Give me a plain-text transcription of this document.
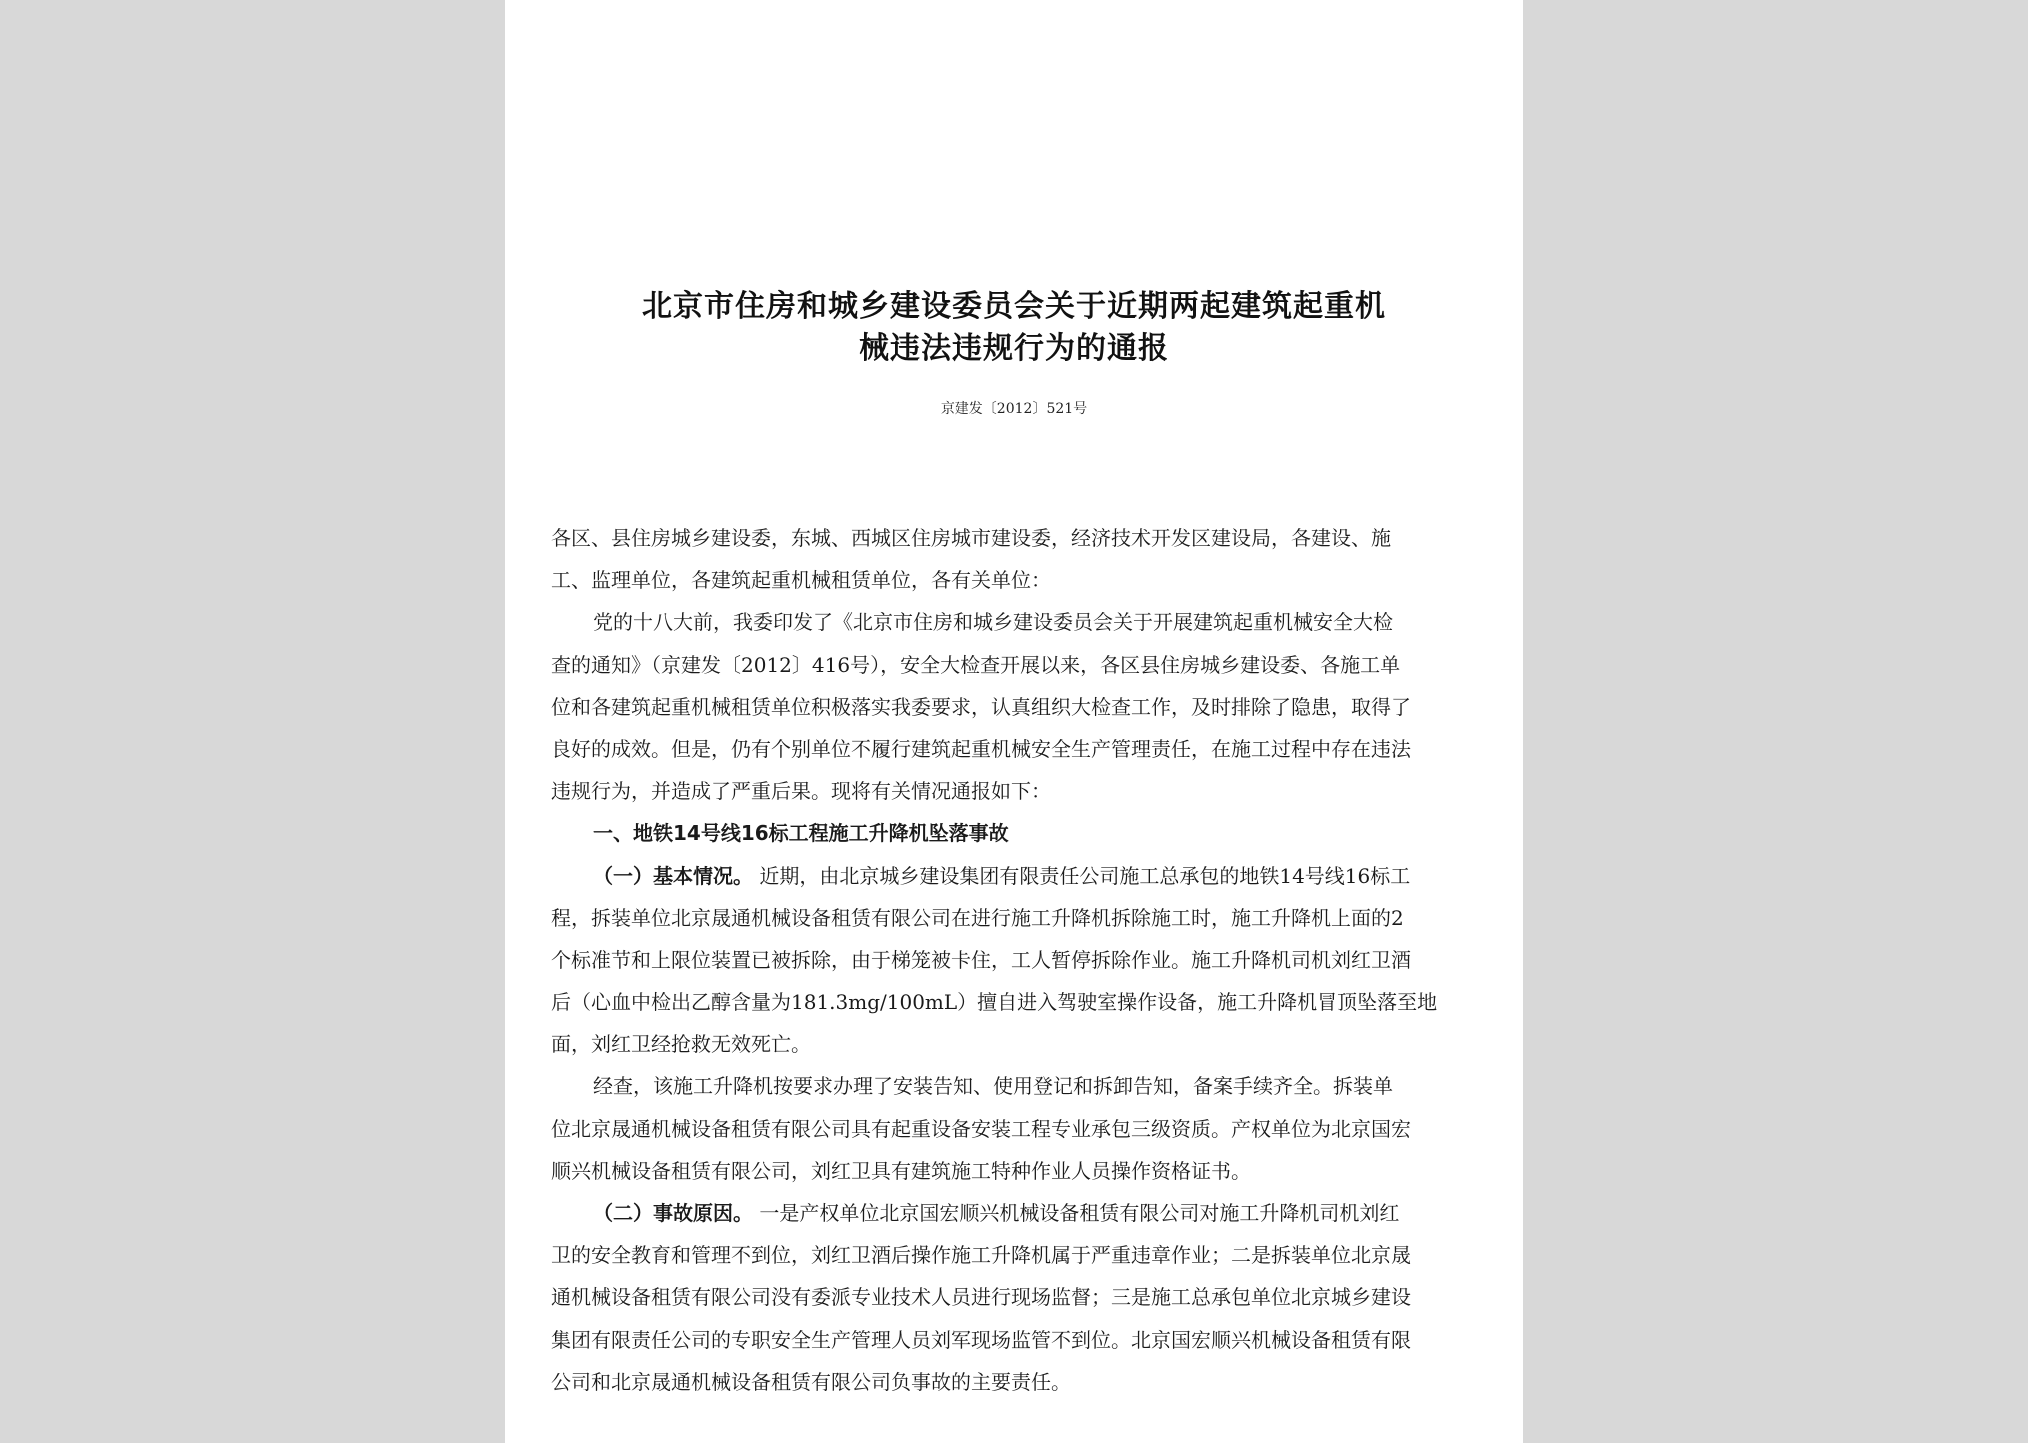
北京市住房和城乡建设委员会关于近期两起建筑起重机
械违法违规行为的通报
京建发〔2012〕521号
各区、县住房城乡建设委，东城、西城区住房城市建设委，经济技术开发区建设局，各建设、施
工、监理单位，各建筑起重机械租赁单位，各有关单位：
党的十八大前，我委印发了《北京市住房和城乡建设委员会关于开展建筑起重机械安全大检
查的通知》（京建发〔2012〕416号），安全大检查开展以来，各区县住房城乡建设委、各施工单
位和各建筑起重机械租赁单位积极落实我委要求，认真组织大检查工作，及时排除了隐患，取得了
良好的成效。但是，仍有个别单位不履行建筑起重机械安全生产管理责任，在施工过程中存在违法
违规行为，并造成了严重后果。现将有关情况通报如下：
一、地铁14号线16标工程施工升降机坠落事故
（一）基本情况。 近期，由北京城乡建设集团有限责任公司施工总承包的地铁14号线16标工
程，拆装单位北京晟通机械设备租赁有限公司在进行施工升降机拆除施工时，施工升降机上面的2
个标准节和上限位装置已被拆除，由于梯笼被卡住，工人暂停拆除作业。施工升降机司机刘红卫酒
后（心血中检出乙醇含量为181.3mg/100mL）擅自进入驾驶室操作设备，施工升降机冒顶坠落至地
面，刘红卫经抢救无效死亡。
经查，该施工升降机按要求办理了安装告知、使用登记和拆卸告知，备案手续齐全。拆装单
位北京晟通机械设备租赁有限公司具有起重设备安装工程专业承包三级资质。产权单位为北京国宏
顺兴机械设备租赁有限公司，刘红卫具有建筑施工特种作业人员操作资格证书。
（二）事故原因。 一是产权单位北京国宏顺兴机械设备租赁有限公司对施工升降机司机刘红
卫的安全教育和管理不到位，刘红卫酒后操作施工升降机属于严重违章作业；二是拆装单位北京晟
通机械设备租赁有限公司没有委派专业技术人员进行现场监督；三是施工总承包单位北京城乡建设
集团有限责任公司的专职安全生产管理人员刘军现场监管不到位。北京国宏顺兴机械设备租赁有限
公司和北京晟通机械设备租赁有限公司负事故的主要责任。
